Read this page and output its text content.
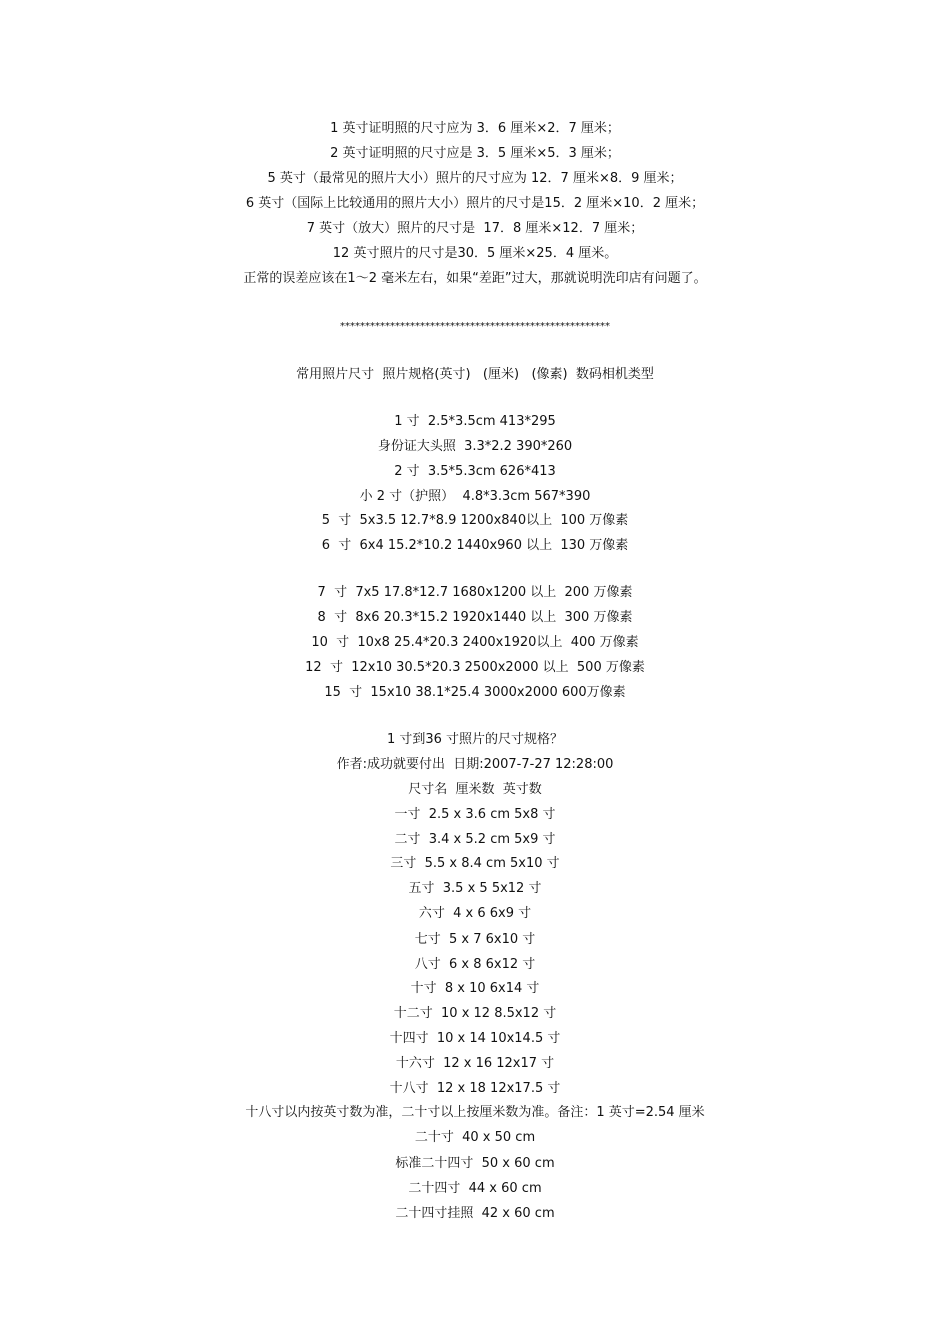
1 英寸证明照的尺寸应为 3．6 厘米×2．7 厘米；
2 英寸证明照的尺寸应是 3．5 厘米×5．3 厘米；
5 英寸（最常见的照片大小）照片的尺寸应为 12．7 厘米×8．9 厘米；
6 英寸（国际上比较通用的照片大小）照片的尺寸是15．2 厘米×10．2 厘米；
7 英寸（放大）照片的尺寸是  17．8 厘米×12．7 厘米；
12 英寸照片的尺寸是30．5 厘米×25．4 厘米。
正常的误差应该在1～2 毫米左右，如果“差距”过大，那就说明洗印店有问题了。
******************************************************
常用照片尺寸  照片规格(英寸)   (厘米)   (像素)  数码相机类型
1 寸  2.5*3.5cm 413*295
身份证大头照  3.3*2.2 390*260
2 寸  3.5*5.3cm 626*413
小 2 寸（护照）  4.8*3.3cm 567*390
5  寸  5x3.5 12.7*8.9 1200x840以上  100 万像素
6  寸  6x4 15.2*10.2 1440x960 以上  130 万像素
7  寸  7x5 17.8*12.7 1680x1200 以上  200 万像素
8  寸  8x6 20.3*15.2 1920x1440 以上  300 万像素
10  寸  10x8 25.4*20.3 2400x1920以上  400 万像素
12  寸  12x10 30.5*20.3 2500x2000 以上  500 万像素
15  寸  15x10 38.1*25.4 3000x2000 600万像素
1 寸到36 寸照片的尺寸规格？
作者:成功就要付出  日期:2007-7-27 12:28:00
尺寸名  厘米数  英寸数
一寸  2.5 x 3.6 cm 5x8 寸
二寸  3.4 x 5.2 cm 5x9 寸
三寸  5.5 x 8.4 cm 5x10 寸
五寸  3.5 x 5 5x12 寸
六寸  4 x 6 6x9 寸
七寸  5 x 7 6x10 寸
八寸  6 x 8 6x12 寸
十寸  8 x 10 6x14 寸
十二寸  10 x 12 8.5x12 寸
十四寸  10 x 14 10x14.5 寸
十六寸  12 x 16 12x17 寸
十八寸  12 x 18 12x17.5 寸
十八寸以内按英寸数为准，二十寸以上按厘米数为准。备注：1 英寸=2.54 厘米
二十寸  40 x 50 cm
标准二十四寸  50 x 60 cm
二十四寸  44 x 60 cm
二十四寸挂照  42 x 60 cm
